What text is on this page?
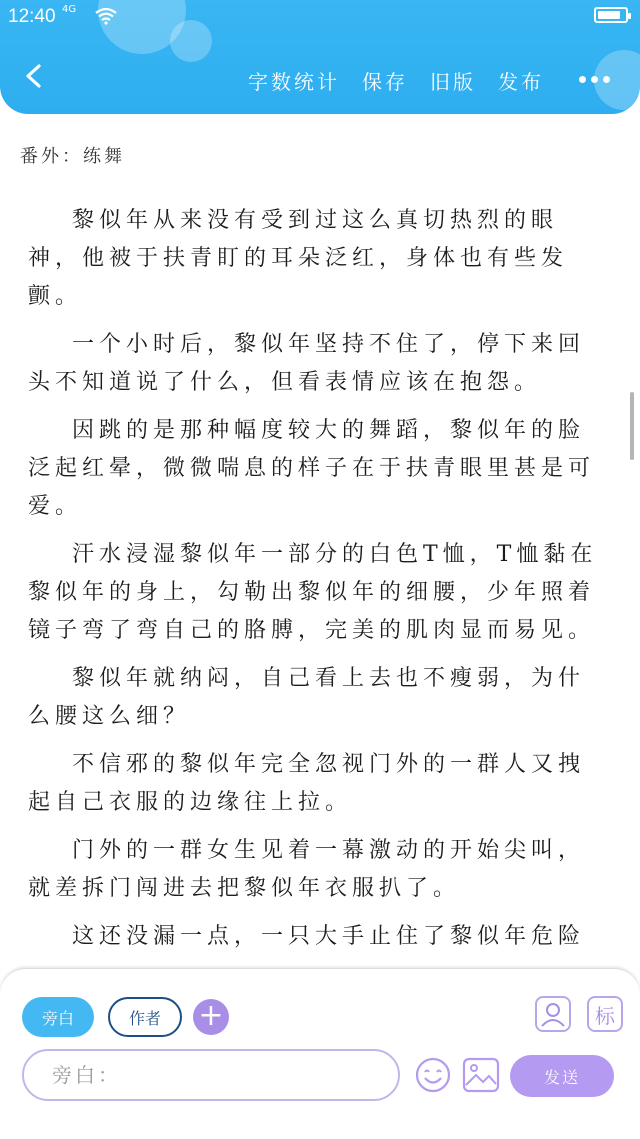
12:40 4G
字数统计 保存 旧版 发布
番外：练舞

黎似年从来没有受到过这么真切热烈的眼神，他被于扶青盯的耳朵泛红，身体也有些发颤。

一个小时后，黎似年坚持不住了，停下来回头不知道说了什么，但看表情应该在抱怨。

因跳的是那种幅度较大的舞蹈，黎似年的脸泛起红晕，微微喘息的样子在于扶青眼里甚是可爱。

汗水浸湿黎似年一部分的白色T恤，T恤黏在黎似年的身上，勾勒出黎似年的细腰，少年照着镜子弯了弯自己的胳膊，完美的肌肉显而易见。

黎似年就纳闷，自己看上去也不瘦弱，为什么腰这么细？

不信邪的黎似年完全忽视门外的一群人又拽起自己衣服的边缘往上拉。

门外的一群女生见着一幕激动的开始尖叫，就差拆门闯进去把黎似年衣服扒了。

这还没漏一点，一只大手止住了黎似年危险

旁白	作者	+	标
旁白：	发送
